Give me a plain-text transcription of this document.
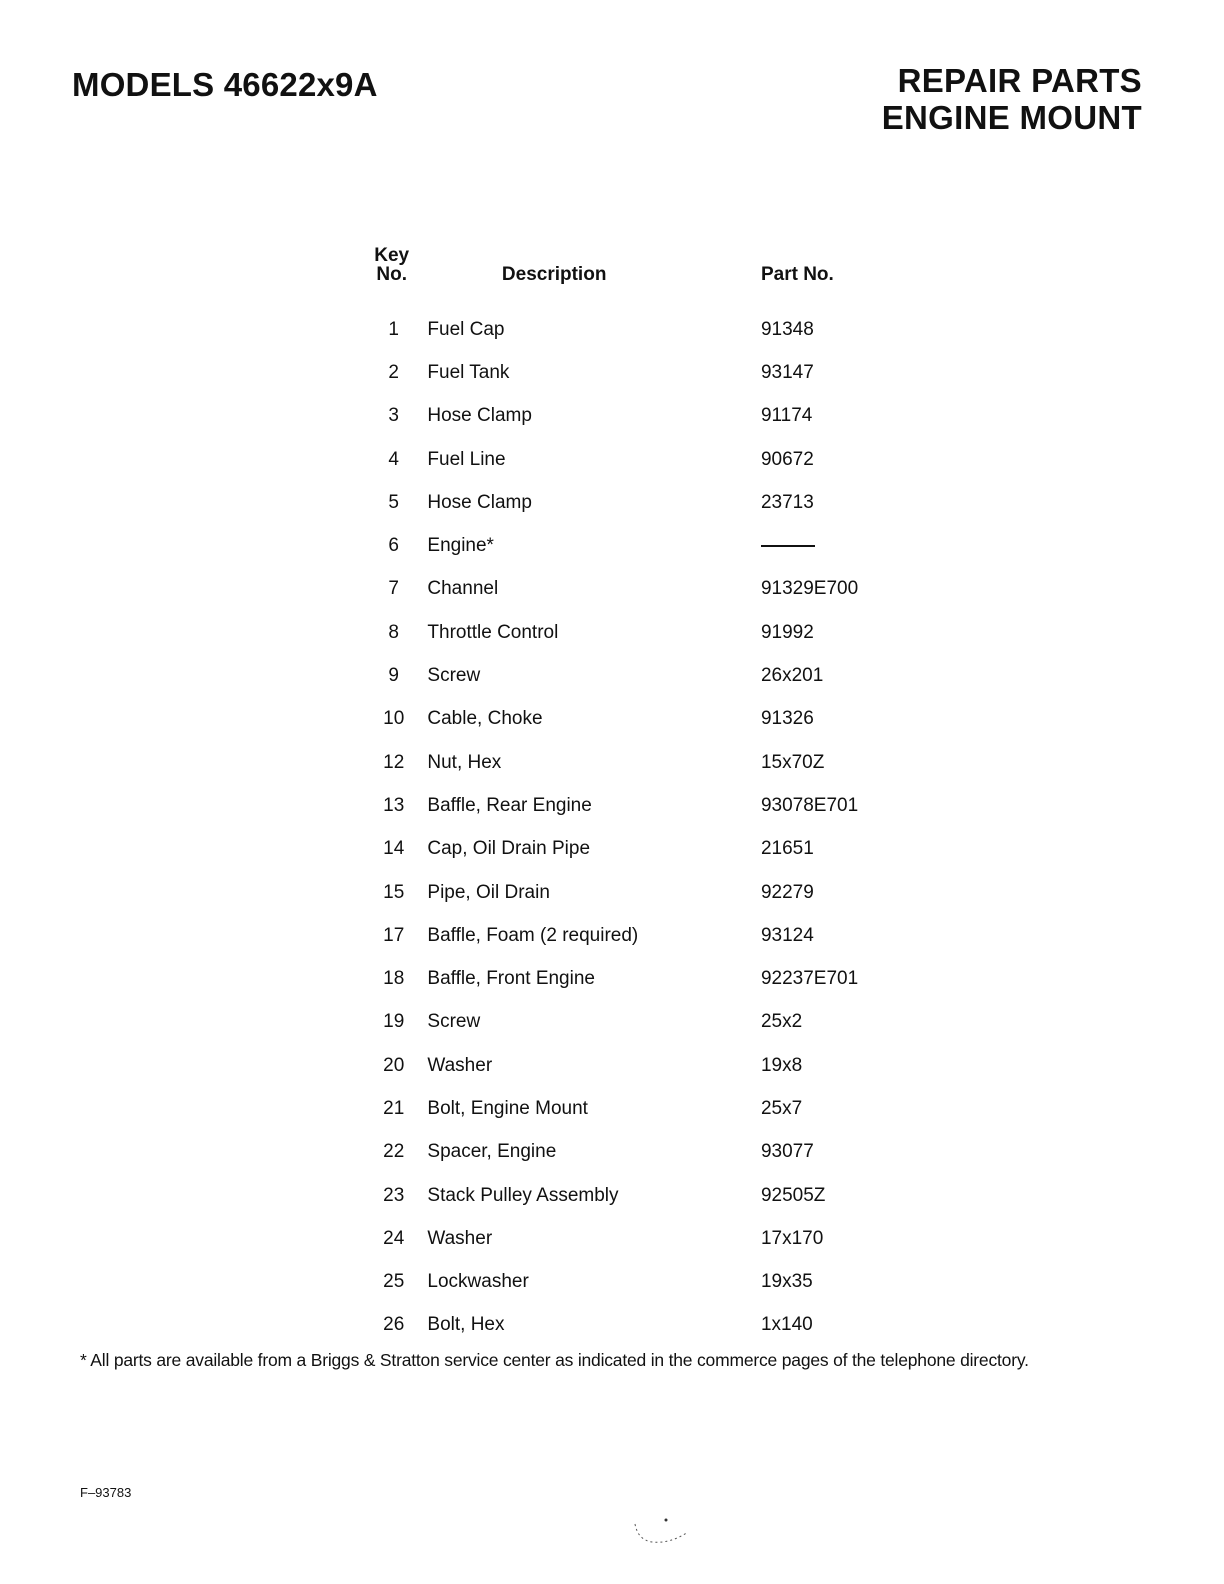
MODELS 46622x9A	REPAIR PARTS
ENGINE MOUNT
Key
No.	Description	Part No.

1	Fuel Cap	91348
2	Fuel Tank	93147
3	Hose Clamp	91174
4	Fuel Line	90672
5	Hose Clamp	23713
6	Engine*	
7	Channel	91329E700
8	Throttle Control	91992
9	Screw	26x201
10	Cable, Choke	91326
12	Nut, Hex	15x70Z
13	Baffle, Rear Engine	93078E701
14	Cap, Oil Drain Pipe	21651
15	Pipe, Oil Drain	92279
17	Baffle, Foam (2 required)	93124
18	Baffle, Front Engine	92237E701
19	Screw	25x2
20	Washer	19x8
21	Bolt, Engine Mount	25x7
22	Spacer, Engine	93077
23	Stack Pulley Assembly	92505Z
24	Washer	17x170
25	Lockwasher	19x35
26	Bolt, Hex	1x140
* All parts are available from a Briggs & Stratton service center as indicated in the commerce pages of the telephone directory.
F–93783
